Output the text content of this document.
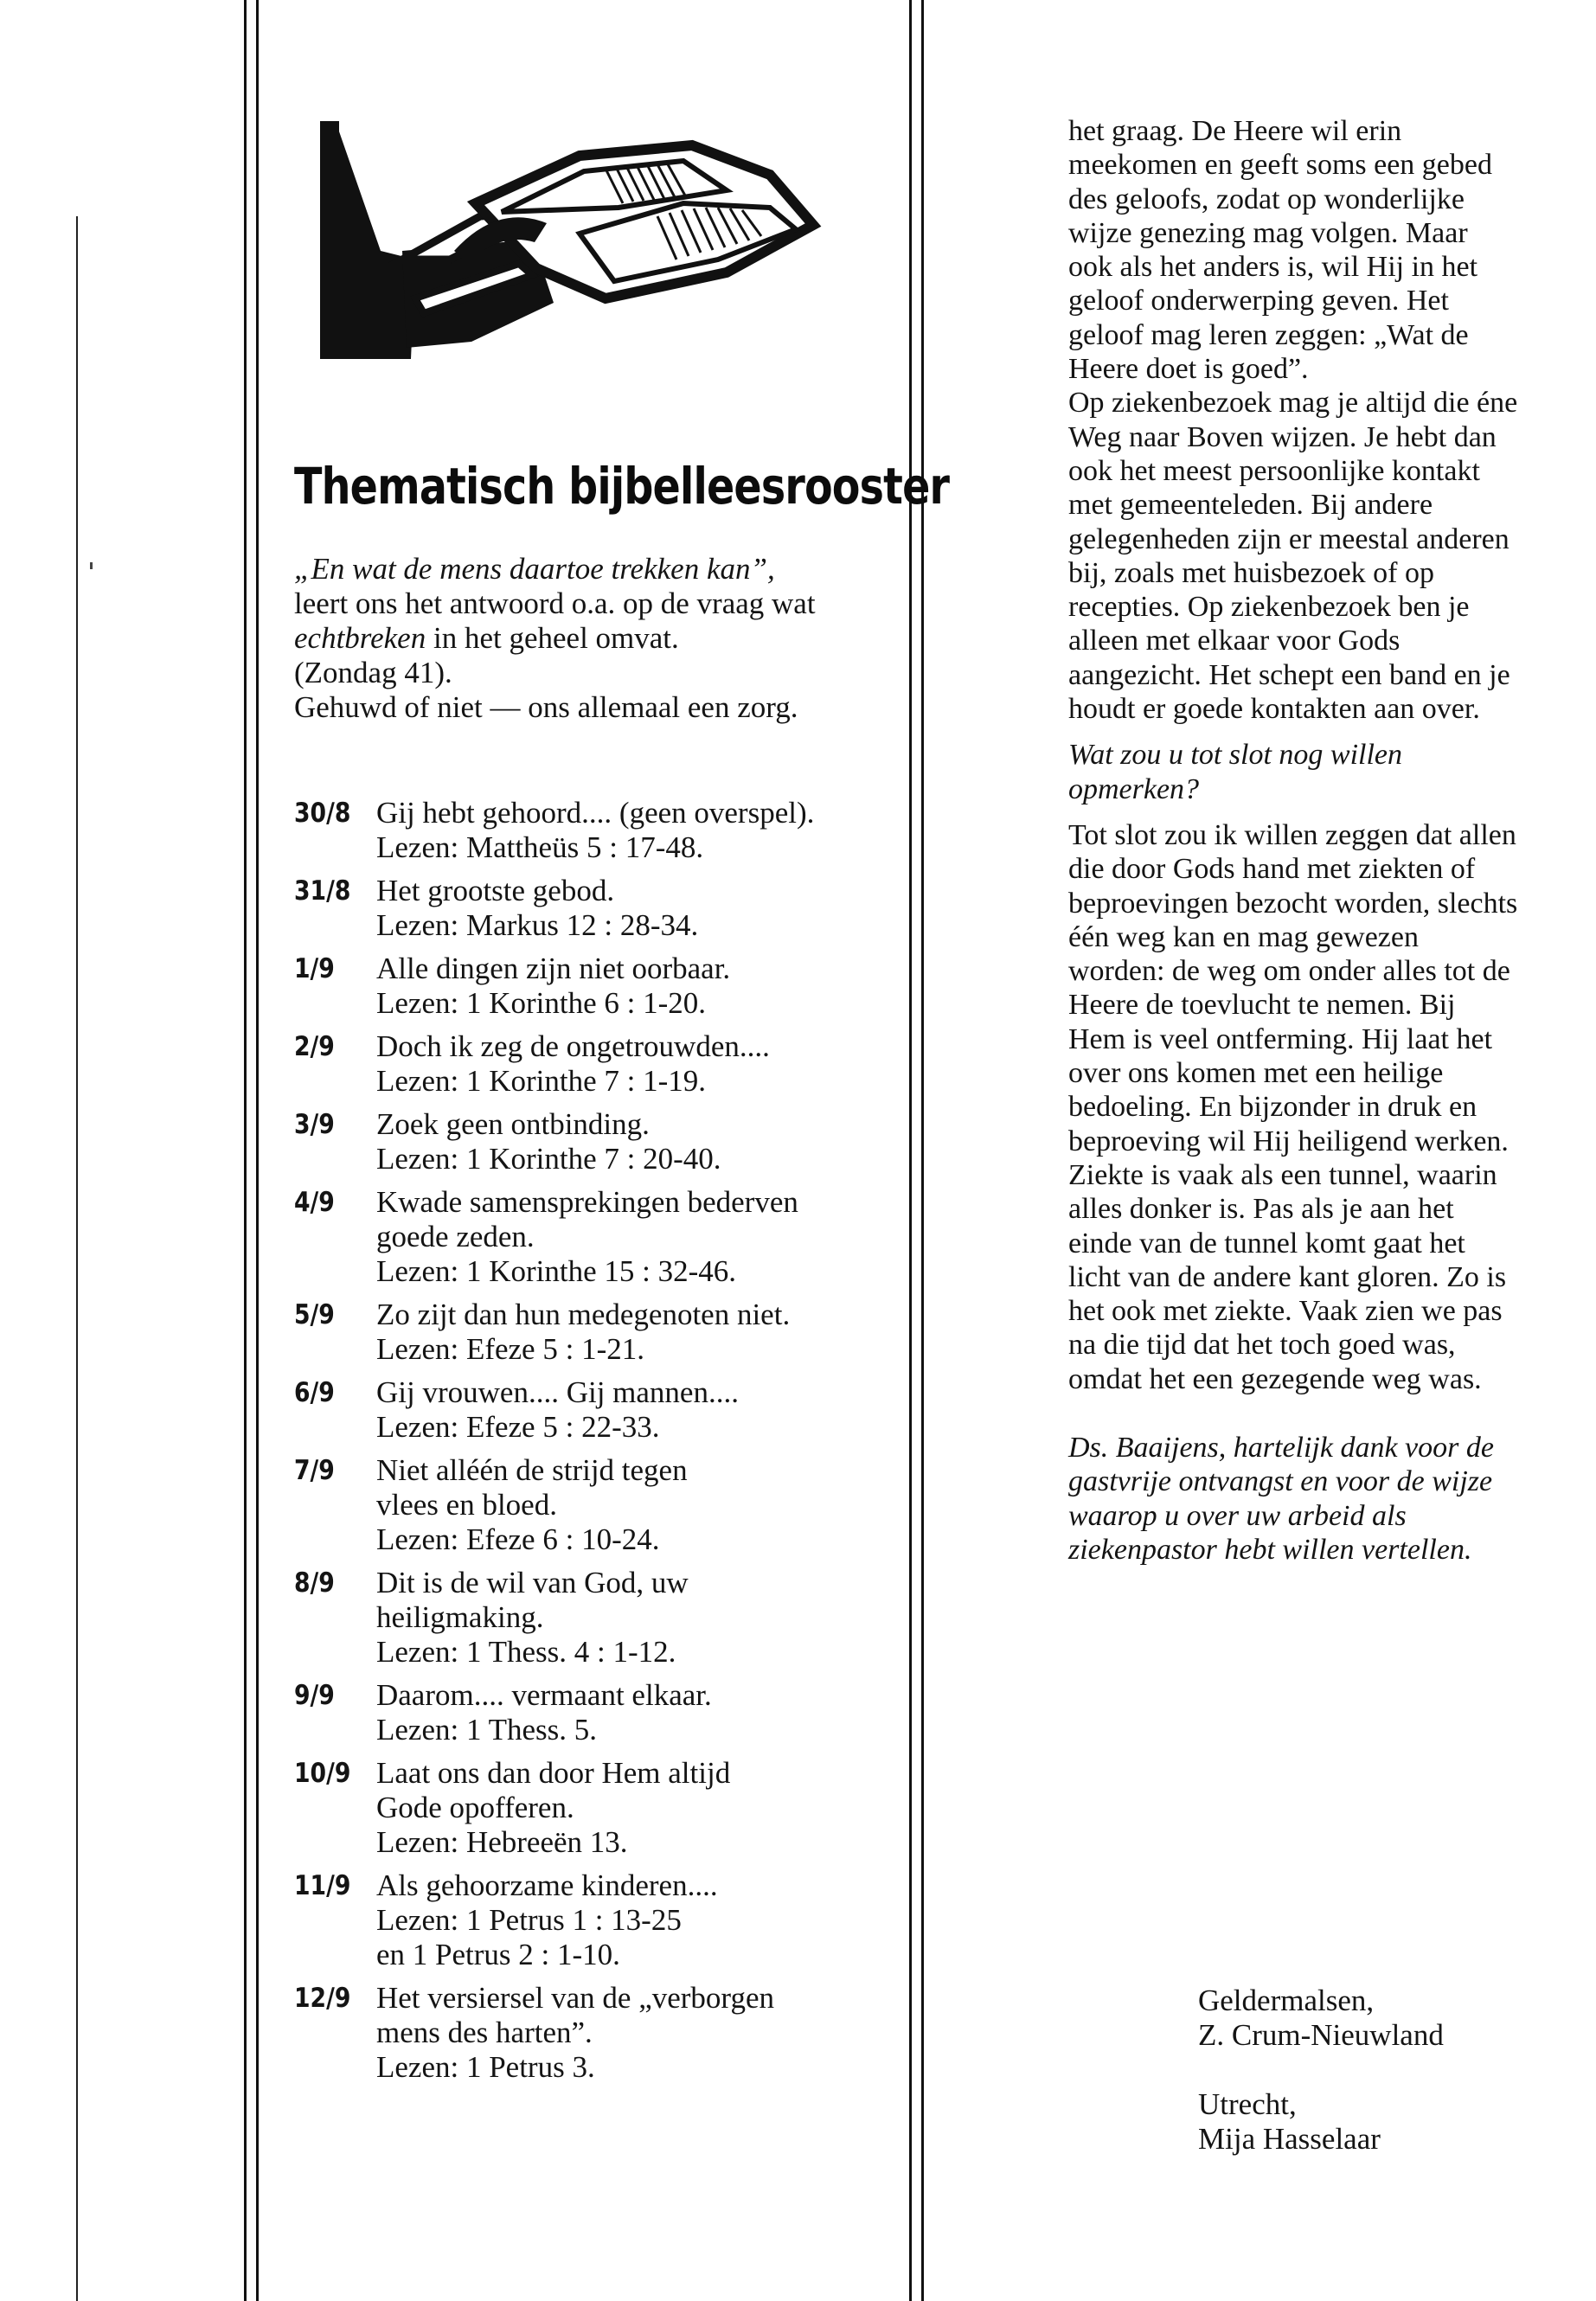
Thematisch bijbelleesrooster

„En wat de mens daartoe trekken kan”,

leert ons het antwoord o.a. op de vraag wat

echtbreken in het geheel omvat.

(Zondag 41).

Gehuwd of niet — ons allemaal een zorg.

30/8 Gij hebt gehoord.... (geen overspel).
Lezen: Mattheüs 5 : 17-48.
31/8 Het grootste gebod.
Lezen: Markus 12 : 28-34.
1/9	Alle dingen zijn niet oorbaar.
Lezen: 1 Korinthe 6 : 1-20.
2/9	Doch ik zeg de ongetrouwden....
Lezen: 1 Korinthe 7 : 1-19.
3/9	Zoek geen ontbinding.
Lezen: 1 Korinthe 7 : 20-40.
4/9	Kwade samensprekingen bederven
goede zeden.
Lezen: 1 Korinthe 15 : 32-46.
5/9	Zo zijt dan hun medegenoten niet.
Lezen: Efeze 5 : 1-21.
6/9	Gij vrouwen.... Gij mannen....
Lezen: Efeze 5 : 22-33.
7/9	Niet alléén de strijd tegen
vlees en bloed.
Lezen: Efeze 6 : 10-24.
8/9	Dit is de wil van God, uw
heiligmaking.
Lezen: 1 Thess. 4 : 1-12.
9/9	Daarom.... vermaant elkaar.
Lezen: 1 Thess. 5.
10/9 Laat ons dan door Hem altijd
Gode opofferen.
Lezen: Hebreeën 13.
11/9 Als gehoorzame kinderen....
Lezen: 1 Petrus 1 : 13-25
en 1 Petrus 2 : 1-10.
12/9 Het versiersel van de „verborgen
mens des harten”.
Lezen: 1 Petrus 3.

het graag. De Heere wil erin meekomen en geeft soms een gebed des geloofs, zodat op wonderlijke wijze genezing mag volgen. Maar ook als het anders is, wil Hij in het geloof onderwerping geven. Het geloof mag leren zeggen: „Wat de Heere doet is goed”.

Op ziekenbezoek mag je altijd die éne Weg naar Boven wijzen. Je hebt dan ook het meest persoonlijke kontakt met gemeenteleden. Bij andere gelegenheden zijn er meestal anderen bij, zoals met huisbezoek of op recepties. Op ziekenbezoek ben je alleen met elkaar voor Gods aangezicht. Het schept een band en je houdt er goede kontakten aan over.

Wat zou u tot slot nog willen opmerken?

Tot slot zou ik willen zeggen dat allen die door Gods hand met ziekten of beproevingen bezocht worden, slechts één weg kan en mag gewezen worden: de weg om onder alles tot de Heere de toevlucht te nemen. Bij Hem is veel ontferming. Hij laat het over ons komen met een heilige bedoeling. En bijzonder in druk en beproeving wil Hij heiligend werken.

Ziekte is vaak als een tunnel, waarin alles donker is. Pas als je aan het einde van de tunnel komt gaat het licht van de andere kant gloren. Zo is het ook met ziekte. Vaak zien we pas na die tijd dat het toch goed was, omdat het een gezegende weg was.

Ds. Baaijens, hartelijk dank voor de gastvrije ontvangst en voor de wijze waarop u over uw arbeid als ziekenpastor hebt willen vertellen.

Geldermalsen,
Z. Crum-Nieuwland
Utrecht,
Mija Hasselaar
